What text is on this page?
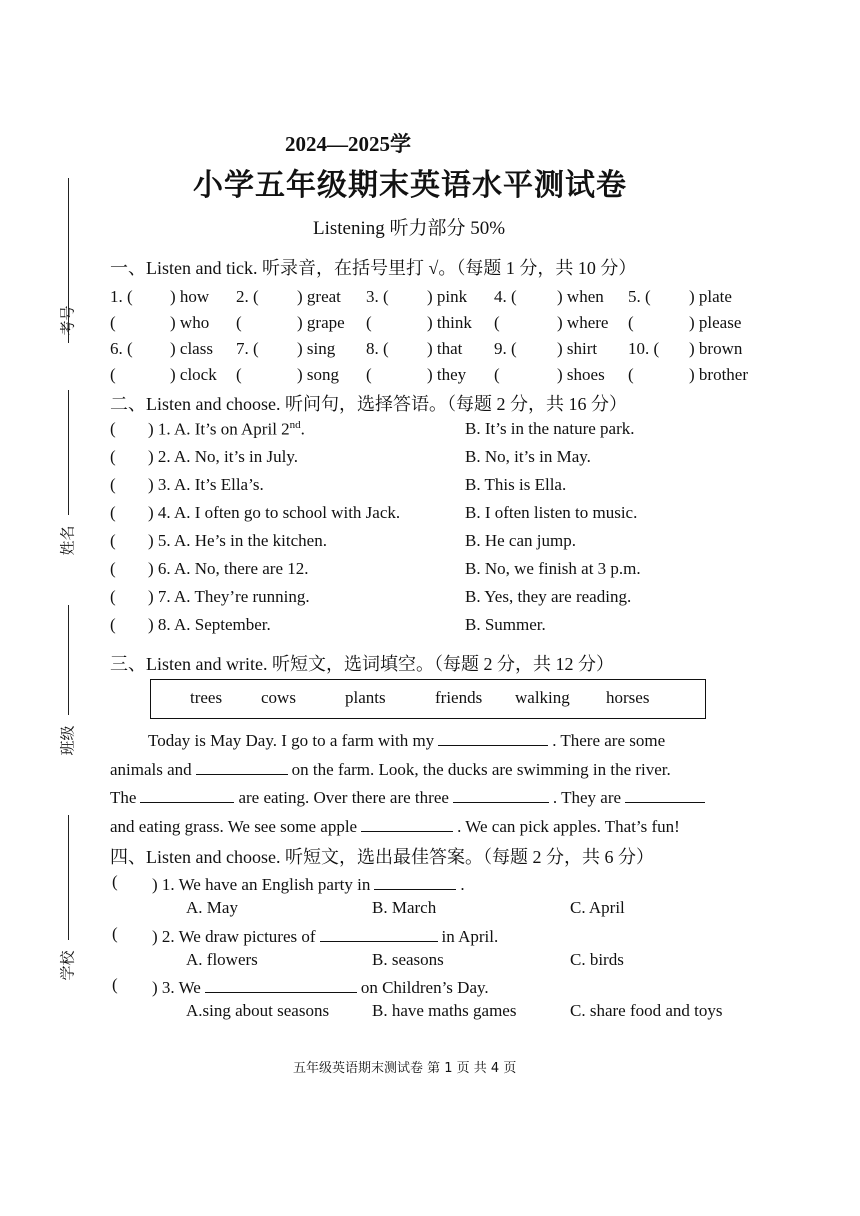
考号
姓名
班级
学校
2024—2025学
小学五年级期末英语水平测试卷
Listening 听力部分 50%
一、Listen and tick. 听录音，在括号里打 √。（每题 1 分，共 10 分）
1. ( ) how 2. ( ) great 3. ( ) pink 4. ( ) when 5. ( ) plate
(	) who (	) grape (	) think (	) where (	) please
6. ( ) class 7. ( ) sing 8. ( ) that 9. ( ) shirt 10. ( ) brown
(	) clock (	) song (	) they (	) shoes (	) brother
二、Listen and choose. 听问句，选择答语。（每题 2 分，共 16 分）
( ) 1. A. It’s on April 2nd.	B. It’s in the nature park.
( ) 2. A. No, it’s in July.	B. No, it’s in May.
( ) 3. A. It’s Ella’s.	B. This is Ella.
( ) 4. A. I often go to school with Jack.	B. I often listen to music.
( ) 5. A. He’s in the kitchen.	B. He can jump.
( ) 6. A. No, there are 12.	B. No, we finish at 3 p.m.
( ) 7. A. They’re running.	B. Yes, they are reading.
( ) 8. A. September.	B. Summer.
三、Listen and write. 听短文，选词填空。（每题 2 分，共 12 分）
trees cows	plants	friends walking horses
Today is May Day. I go to a farm with my	. There are some
animals and	on the farm. Look, the ducks are swimming in the river.
The	are eating. Over there are three	. They are
and eating grass. We see some apple	. We can pick apples. That’s fun!
四、Listen and choose. 听短文，选出最佳答案。（每题 2 分，共 6 分）
( ) 1. We have an English party in	.
A. May	B. March	C. April
( ) 2. We draw pictures of	in April.
A. flowers	B. seasons	C. birds
( ) 3. We	on Children’s Day.
A.sing about seasons	B. have maths games	C. share food and toys
五年级英语期末测试卷 第 1 页 共 4 页
